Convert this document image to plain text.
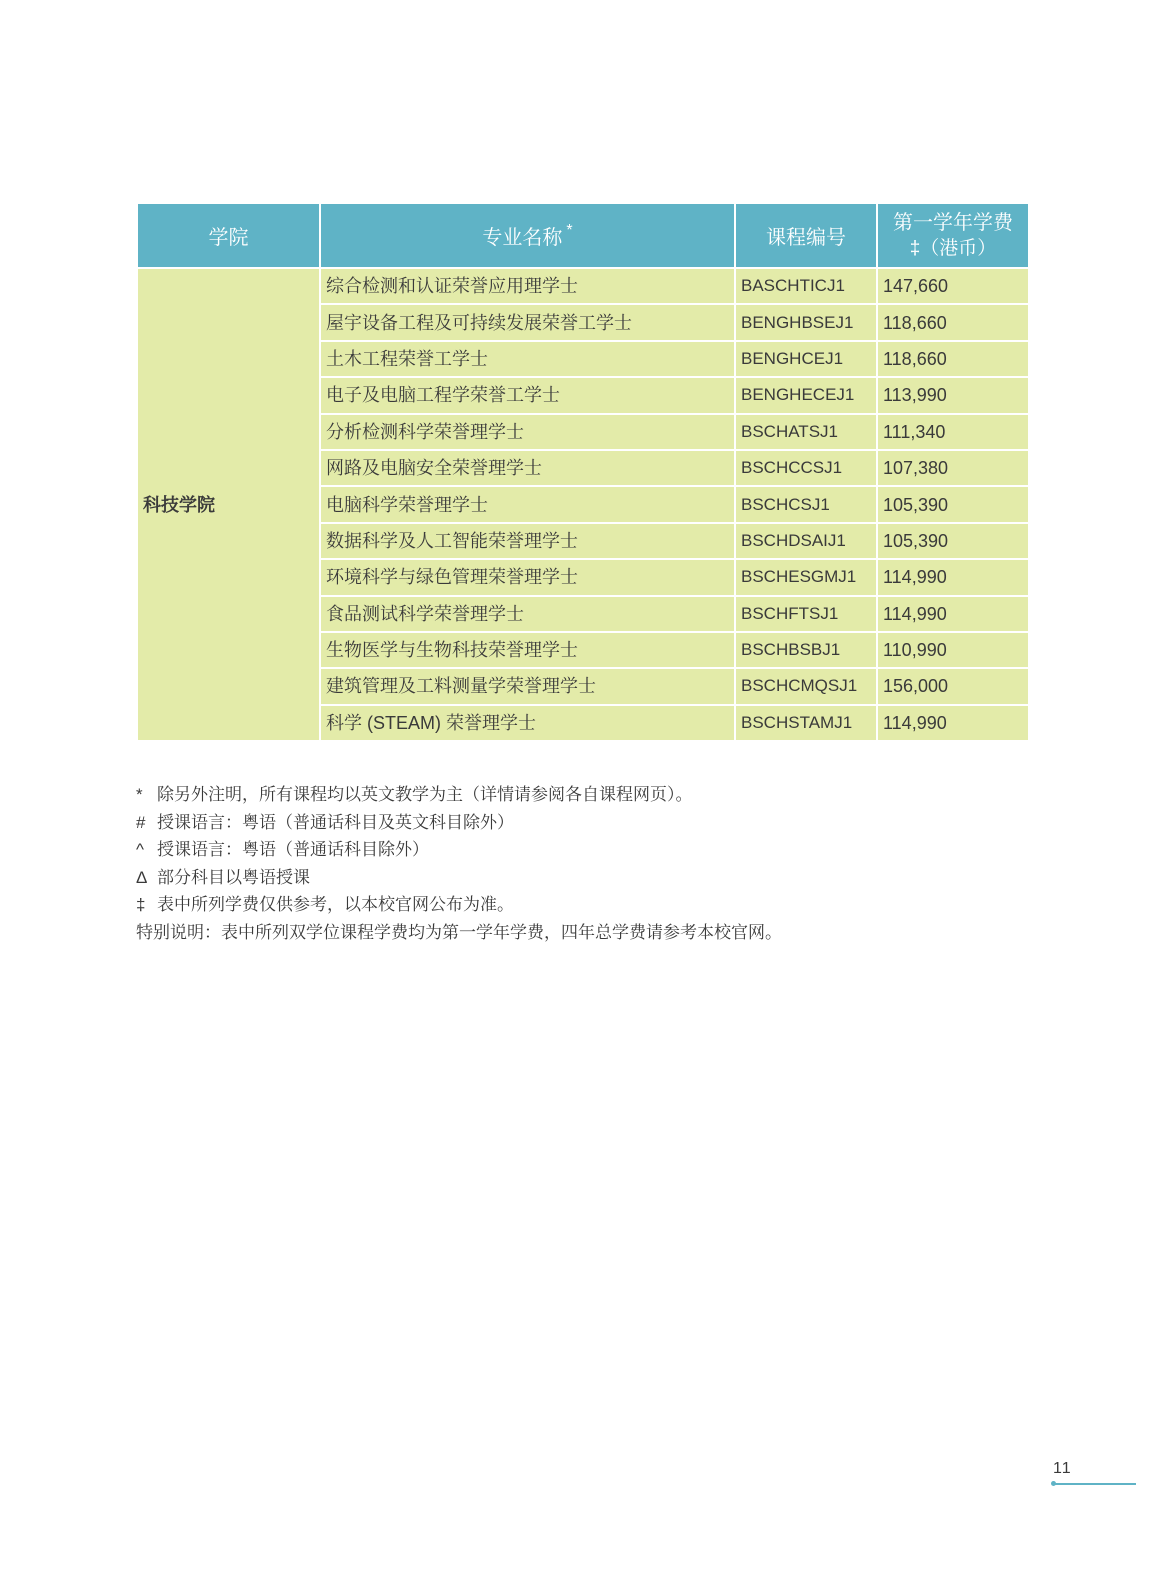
学院	专业名称 *	课程编号	第一学年学费
‡（港币）

科技学院	综合检测和认证荣誉应用理学士	BASCHTICJ1	147,660
	屋宇设备工程及可持续发展荣誉工学士	BENGHBSEJ1	118,660
	土木工程荣誉工学士	BENGHCEJ1	118,660
	电子及电脑工程学荣誉工学士	BENGHECEJ1	113,990
	分析检测科学荣誉理学士	BSCHATSJ1	111,340
	网路及电脑安全荣誉理学士	BSCHCCSJ1	107,380
	电脑科学荣誉理学士	BSCHCSJ1	105,390
	数据科学及人工智能荣誉理学士	BSCHDSAIJ1	105,390
	环境科学与绿色管理荣誉理学士	BSCHESGMJ1	114,990
	食品测试科学荣誉理学士	BSCHFTSJ1	114,990
	生物医学与生物科技荣誉理学士	BSCHBSBJ1	110,990
	建筑管理及工料测量学荣誉理学士	BSCHCMQSJ1	156,000
	科学 (STEAM) 荣誉理学士	BSCHSTAMJ1	114,990
* 除另外注明，所有课程均以英文教学为主（详情请参阅各自课程网页）。
# 授课语言：粤语（普通话科目及英文科目除外）
^ 授课语言：粤语（普通话科目除外）
Δ 部分科目以粤语授课
‡ 表中所列学费仅供参考，以本校官网公布为准。
特别说明：表中所列双学位课程学费均为第一学年学费，四年总学费请参考本校官网。
11
